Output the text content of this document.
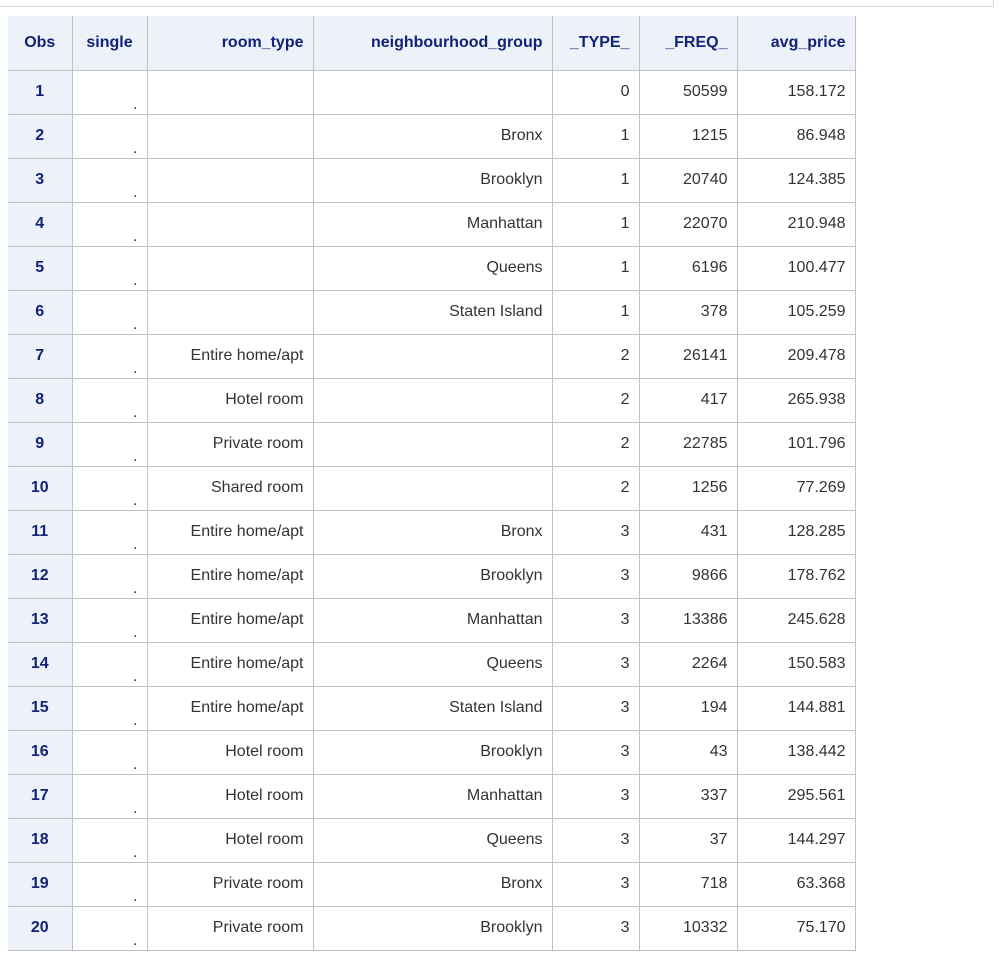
Obs	single	room_type	neighbourhood_group	_TYPE_	_FREQ_	avg_price
1	.			0	50599	158.172
2	.		Bronx	1	1215	86.948
3	.		Brooklyn	1	20740	124.385
4	.		Manhattan	1	22070	210.948
5	.		Queens	1	6196	100.477
6	.		Staten Island	1	378	105.259
7	.	Entire home/apt		2	26141	209.478
8	.	Hotel room		2	417	265.938
9	.	Private room		2	22785	101.796
10	.	Shared room		2	1256	77.269
11	.	Entire home/apt	Bronx	3	431	128.285
12	.	Entire home/apt	Brooklyn	3	9866	178.762
13	.	Entire home/apt	Manhattan	3	13386	245.628
14	.	Entire home/apt	Queens	3	2264	150.583
15	.	Entire home/apt	Staten Island	3	194	144.881
16	.	Hotel room	Brooklyn	3	43	138.442
17	.	Hotel room	Manhattan	3	337	295.561
18	.	Hotel room	Queens	3	37	144.297
19	.	Private room	Bronx	3	718	63.368
20	.	Private room	Brooklyn	3	10332	75.170
